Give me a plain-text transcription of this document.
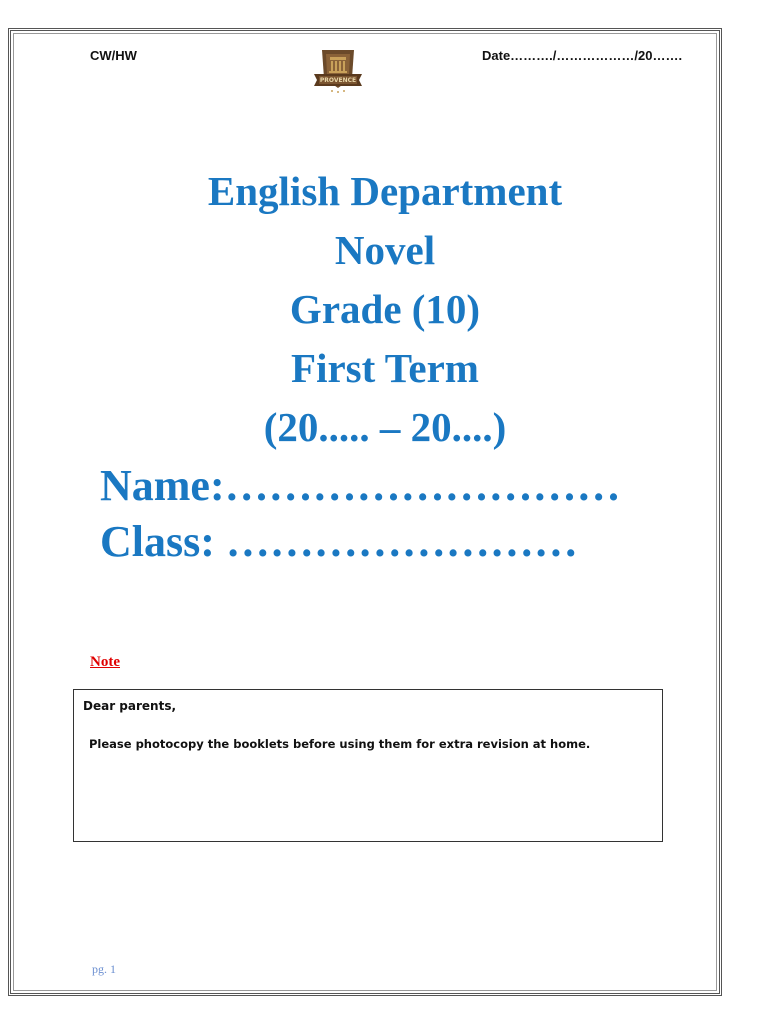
CW/HW
PROVENCE
Date………./………………/20…….
English Department
Novel
Grade (10)
First Term
(20..... – 20....)
Name:………………………
Class: ……………………
Note
Dear parents,
Please photocopy the booklets before using them for extra revision at home.
pg. 1
